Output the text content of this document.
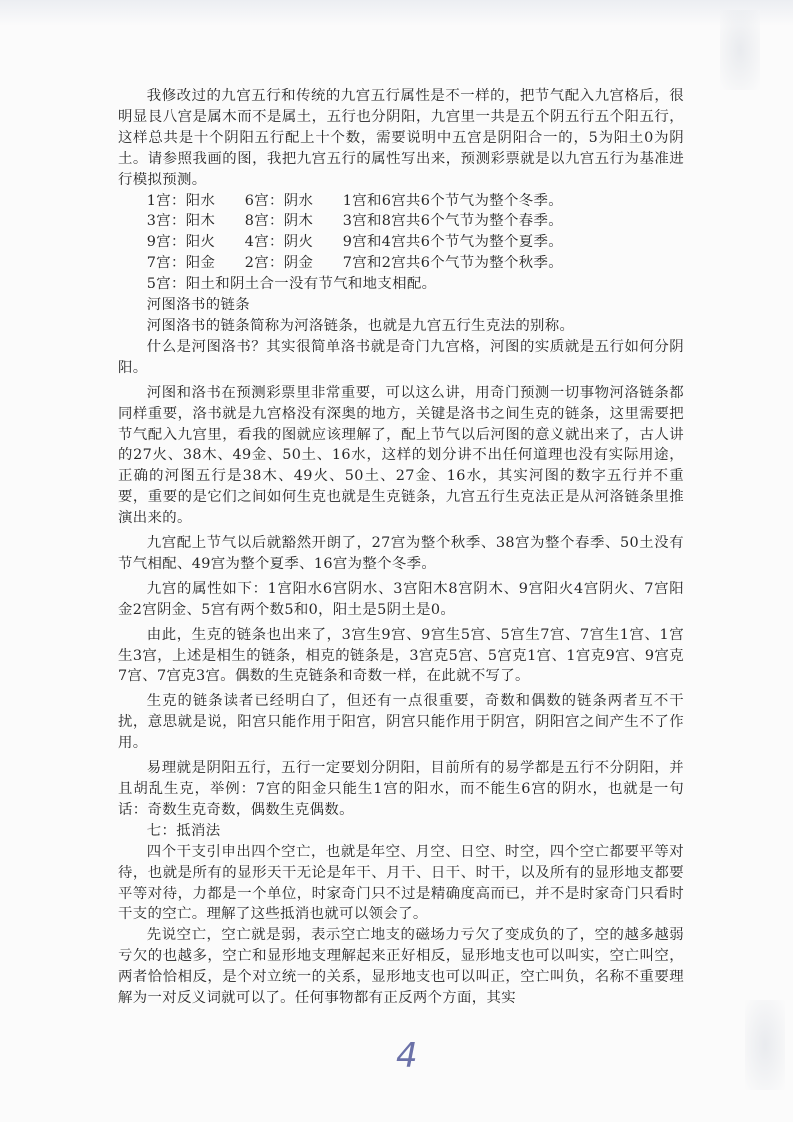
我修改过的九宫五行和传统的九宫五行属性是不一样的，把节气配入九宫格后，很明显艮八宫是属木而不是属土，五行也分阴阳，九宫里一共是五个阴五行五个阳五行，这样总共是十个阴阳五行配上十个数，需要说明中五宫是阴阳合一的，5为阳土0为阴土。请参照我画的图，我把九宫五行的属性写出来，预测彩票就是以九宫五行为基准进行模拟预测。

1宫：阳水	6宫：阴水	1宫和6宫共6个节气为整个冬季。
3宫：阳木	8宫：阴木	3宫和8宫共6个气节为整个春季。
9宫：阳火	4宫：阴火	9宫和4宫共6个节气为整个夏季。
7宫：阳金	2宫：阴金	7宫和2宫共6个气节为整个秋季。
5宫：阳土和阴土合一没有节气和地支相配。

河图洛书的链条

河图洛书的链条简称为河洛链条，也就是九宫五行生克法的别称。

什么是河图洛书？其实很简单洛书就是奇门九宫格，河图的实质就是五行如何分阴阳。

河图和洛书在预测彩票里非常重要，可以这么讲，用奇门预测一切事物河洛链条都同样重要，洛书就是九宫格没有深奥的地方，关键是洛书之间生克的链条，这里需要把节气配入九宫里，看我的图就应该理解了，配上节气以后河图的意义就出来了，古人讲的27火、38木、49金、50土、16水，这样的划分讲不出任何道理也没有实际用途，正确的河图五行是38木、49火、50土、27金、16水，其实河图的数字五行并不重要，重要的是它们之间如何生克也就是生克链条，九宫五行生克法正是从河洛链条里推演出来的。

九宫配上节气以后就豁然开朗了，27宫为整个秋季、38宫为整个春季、50土没有节气相配、49宫为整个夏季、16宫为整个冬季。

九宫的属性如下：1宫阳水6宫阴水、3宫阳木8宫阴木、9宫阳火4宫阴火、7宫阳金2宫阴金、5宫有两个数5和0，阳土是5阴土是0。

由此，生克的链条也出来了，3宫生9宫、9宫生5宫、5宫生7宫、7宫生1宫、1宫生3宫，上述是相生的链条，相克的链条是，3宫克5宫、5宫克1宫、1宫克9宫、9宫克7宫、7宫克3宫。偶数的生克链条和奇数一样，在此就不写了。

生克的链条读者已经明白了，但还有一点很重要，奇数和偶数的链条两者互不干扰，意思就是说，阳宫只能作用于阳宫，阴宫只能作用于阴宫，阴阳宫之间产生不了作用。

易理就是阴阳五行，五行一定要划分阴阳，目前所有的易学都是五行不分阴阳，并且胡乱生克，举例：7宫的阳金只能生1宫的阳水，而不能生6宫的阴水，也就是一句话：奇数生克奇数，偶数生克偶数。

七：抵消法

四个干支引申出四个空亡，也就是年空、月空、日空、时空，四个空亡都要平等对待，也就是所有的显形天干无论是年干、月干、日干、时干，以及所有的显形地支都要平等对待，力都是一个单位，时家奇门只不过是精确度高而已，并不是时家奇门只看时干支的空亡。理解了这些抵消也就可以领会了。

先说空亡，空亡就是弱，表示空亡地支的磁场力亏欠了变成负的了，空的越多越弱亏欠的也越多，空亡和显形地支理解起来正好相反，显形地支也可以叫实，空亡叫空，两者恰恰相反，是个对立统一的关系，显形地支也可以叫正，空亡叫负，名称不重要理解为一对反义词就可以了。任何事物都有正反两个方面，其实

4
